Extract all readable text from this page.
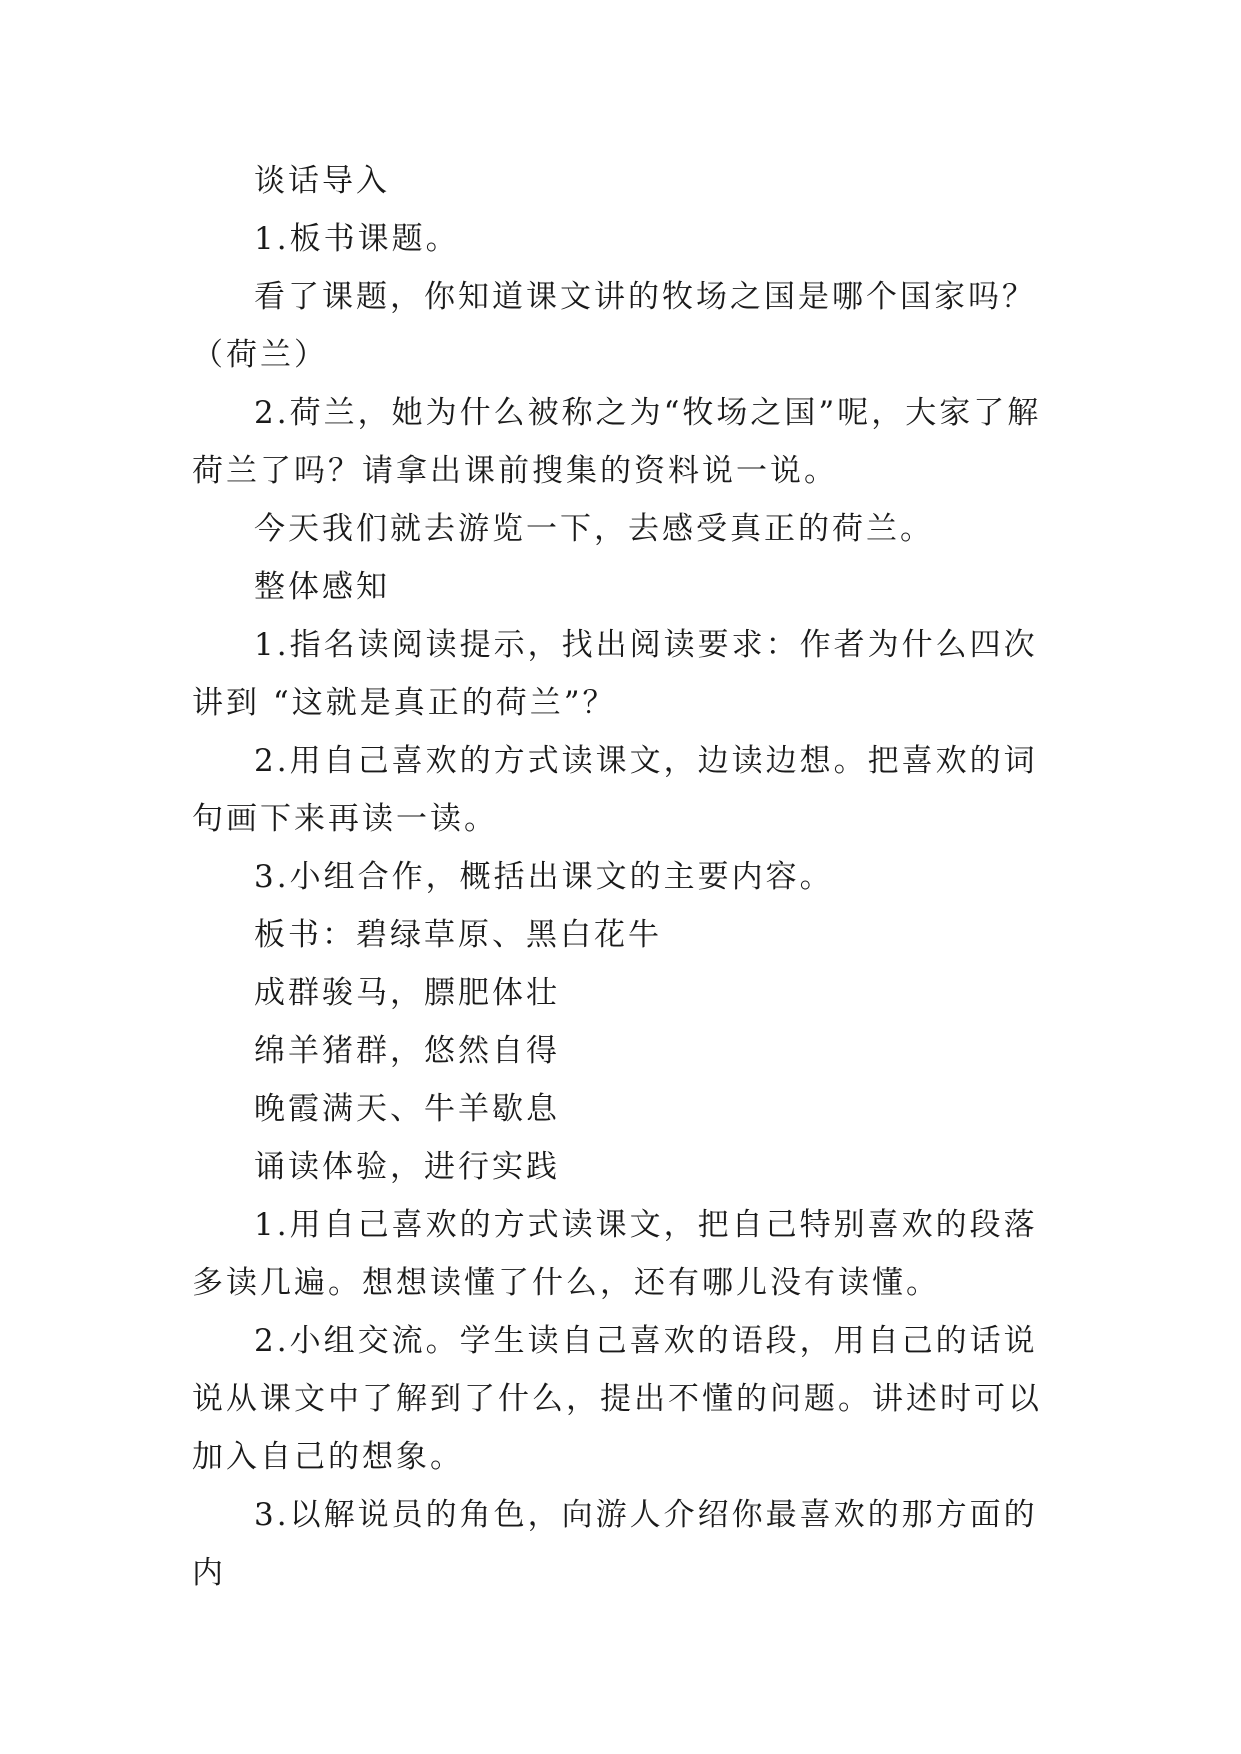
谈话导入

1.板书课题。

看了课题，你知道课文讲的牧场之国是哪个国家吗？（荷兰）

2.荷兰，她为什么被称之为“牧场之国”呢，大家了解荷兰了吗？请拿出课前搜集的资料说一说。

今天我们就去游览一下，去感受真正的荷兰。

整体感知

1.指名读阅读提示，找出阅读要求：作者为什么四次讲到 “这就是真正的荷兰”？

2.用自己喜欢的方式读课文，边读边想。把喜欢的词句画下来再读一读。

3.小组合作，概括出课文的主要内容。

板书：碧绿草原、黑白花牛

成群骏马，膘肥体壮

绵羊猪群，悠然自得

晚霞满天、牛羊歇息

诵读体验，进行实践

1.用自己喜欢的方式读课文，把自己特别喜欢的段落多读几遍。想想读懂了什么，还有哪儿没有读懂。

2.小组交流。学生读自己喜欢的语段，用自己的话说说从课文中了解到了什么，提出不懂的问题。讲述时可以加入自己的想象。

3.以解说员的角色，向游人介绍你最喜欢的那方面的内
